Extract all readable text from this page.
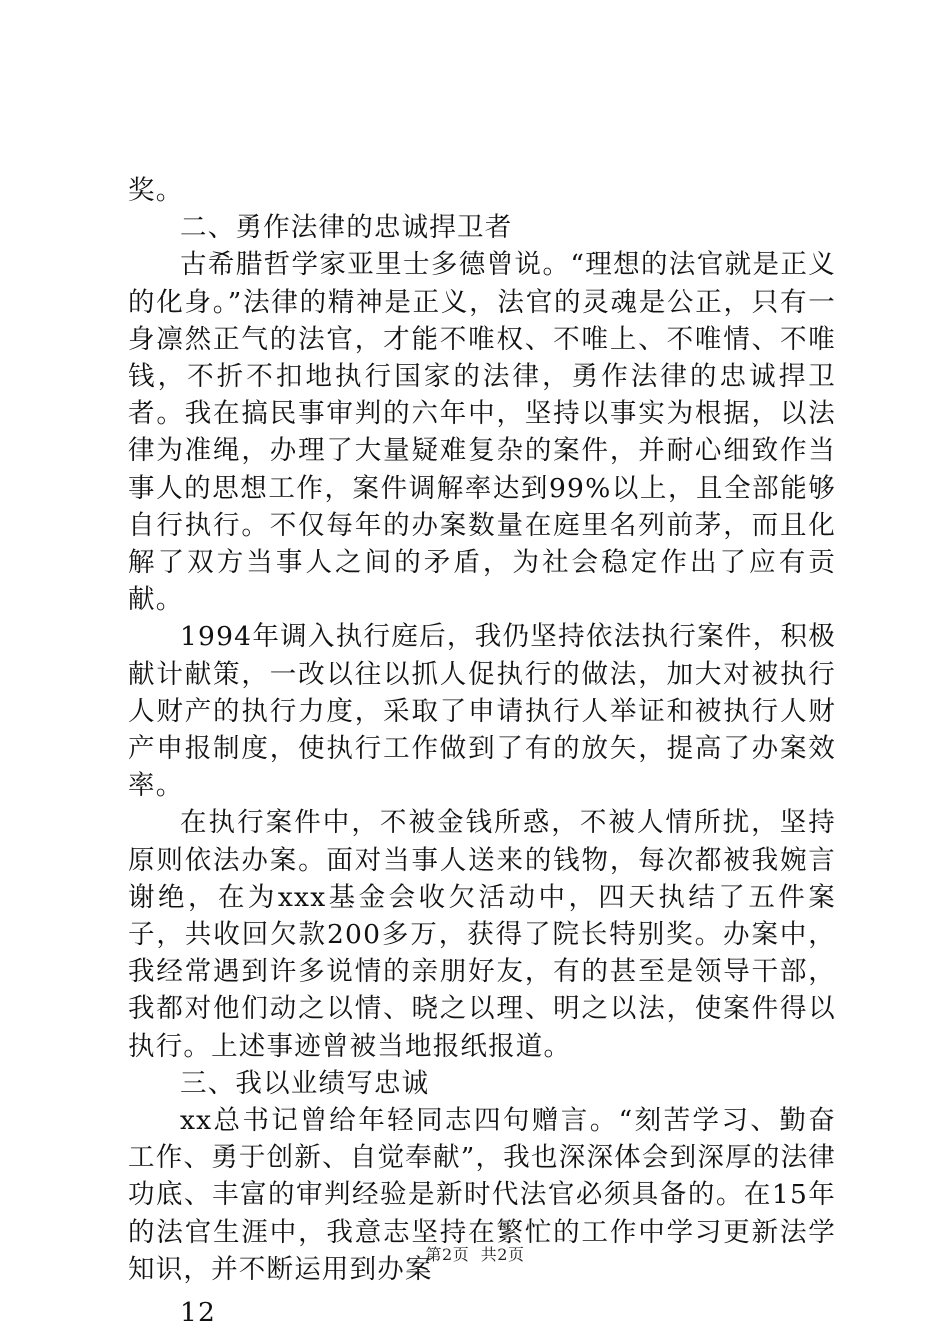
奖。

二、勇作法律的忠诚捍卫者

古希腊哲学家亚里士多德曾说。“理想的法官就是正义的化身。”法律的精神是正义，法官的灵魂是公正，只有一身凛然正气的法官，才能不唯权、不唯上、不唯情、不唯钱，不折不扣地执行国家的法律，勇作法律的忠诚捍卫者。我在搞民事审判的六年中，坚持以事实为根据，以法律为准绳，办理了大量疑难复杂的案件，并耐心细致作当事人的思想工作，案件调解率达到99%以上，且全部能够自行执行。不仅每年的办案数量在庭里名列前茅，而且化解了双方当事人之间的矛盾，为社会稳定作出了应有贡献。

1994年调入执行庭后，我仍坚持依法执行案件，积极献计献策，一改以往以抓人促执行的做法，加大对被执行人财产的执行力度，采取了申请执行人举证和被执行人财产申报制度，使执行工作做到了有的放矢，提高了办案效率。

在执行案件中，不被金钱所惑，不被人情所扰，坚持原则依法办案。面对当事人送来的钱物，每次都被我婉言谢绝，在为xxx基金会收欠活动中，四天执结了五件案子，共收回欠款200多万，获得了院长特别奖。办案中，我经常遇到许多说情的亲朋好友，有的甚至是领导干部，我都对他们动之以情、晓之以理、明之以法，使案件得以执行。上述事迹曾被当地报纸报道。

三、我以业绩写忠诚

xx总书记曾给年轻同志四句赠言。“刻苦学习、勤奋工作、勇于创新、自觉奉献”，我也深深体会到深厚的法律功底、丰富的审判经验是新时代法官必须具备的。在15年的法官生涯中，我意志坚持在繁忙的工作中学习更新法学知识，并不断运用到办案

12

第2页 共2页
